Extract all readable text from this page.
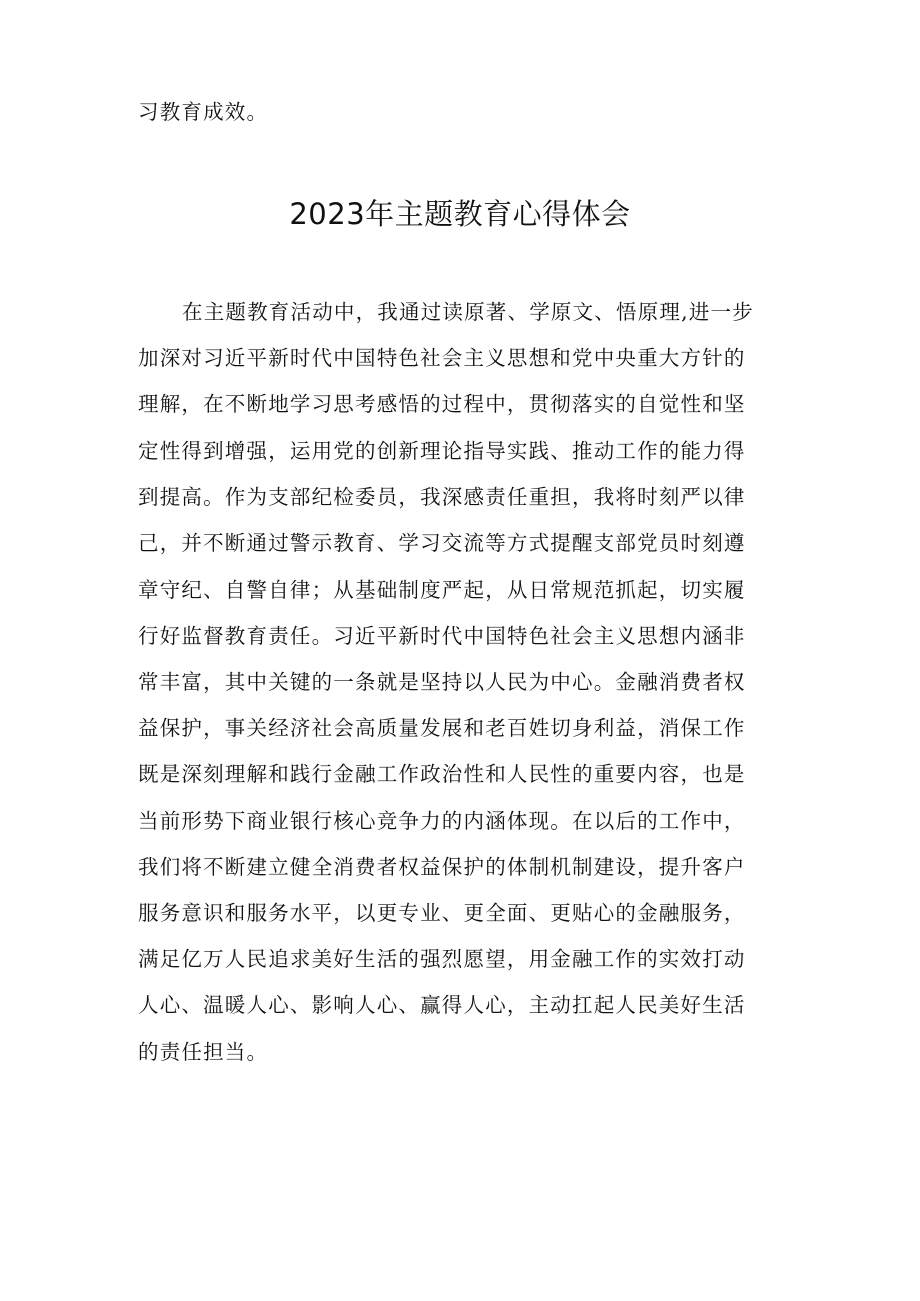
习教育成效。
2023年主题教育心得体会
在主题教育活动中，我通过读原著、学原文、悟原理,进一步
加深对习近平新时代中国特色社会主义思想和党中央重大方针的
理解，在不断地学习思考感悟的过程中，贯彻落实的自觉性和坚
定性得到增强，运用党的创新理论指导实践、推动工作的能力得
到提高。作为支部纪检委员，我深感责任重担，我将时刻严以律
己，并不断通过警示教育、学习交流等方式提醒支部党员时刻遵
章守纪、自警自律；从基础制度严起，从日常规范抓起，切实履
行好监督教育责任。习近平新时代中国特色社会主义思想内涵非
常丰富，其中关键的一条就是坚持以人民为中心。金融消费者权
益保护，事关经济社会高质量发展和老百姓切身利益，消保工作
既是深刻理解和践行金融工作政治性和人民性的重要内容，也是
当前形势下商业银行核心竞争力的内涵体现。在以后的工作中，
我们将不断建立健全消费者权益保护的体制机制建设，提升客户
服务意识和服务水平，以更专业、更全面、更贴心的金融服务，
满足亿万人民追求美好生活的强烈愿望，用金融工作的实效打动
人心、温暖人心、影响人心、赢得人心，主动扛起人民美好生活
的责任担当。
